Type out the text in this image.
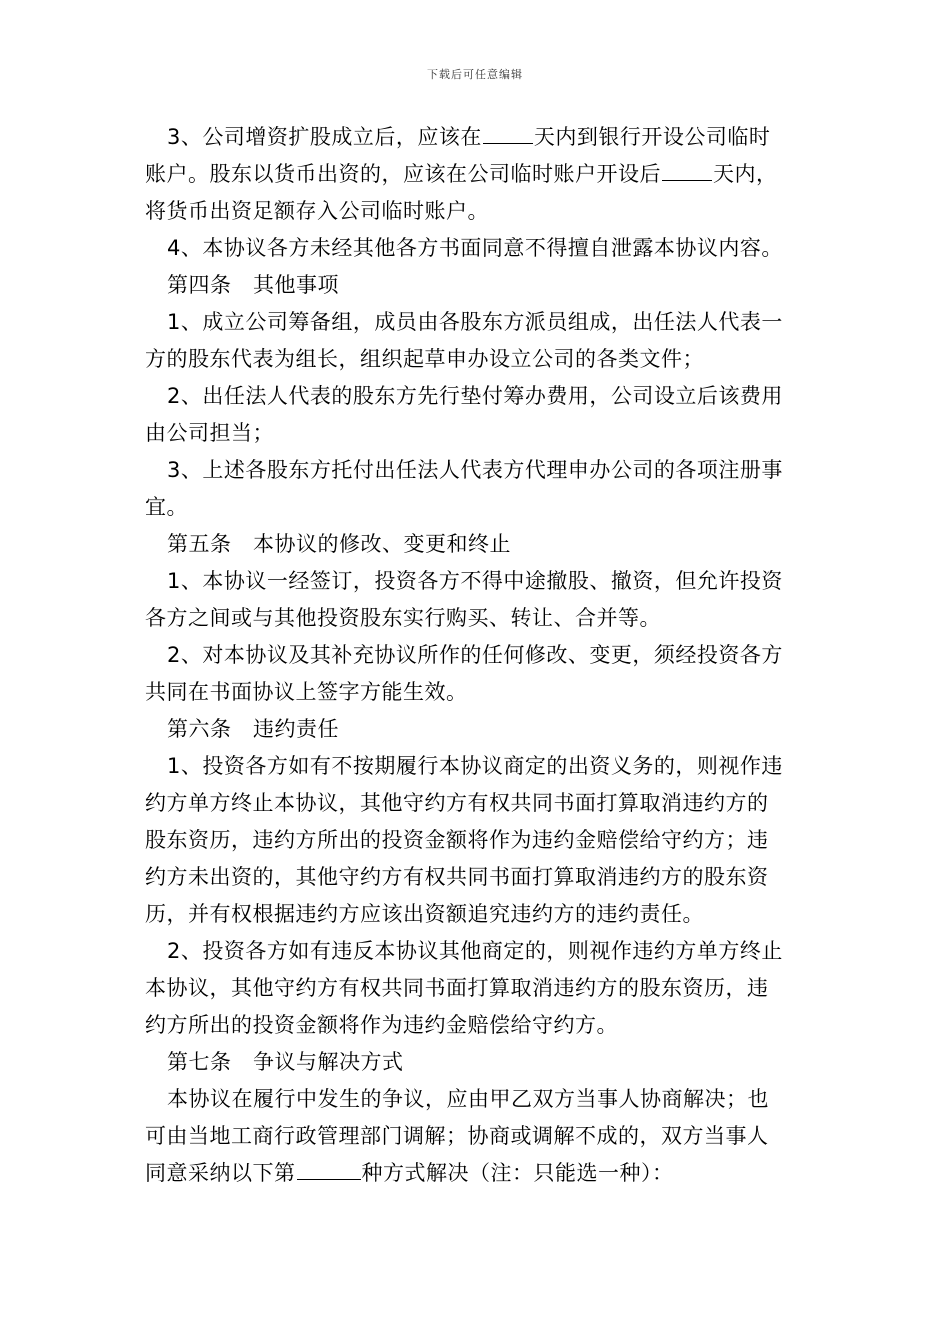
下载后可任意编辑
3、公司增资扩股成立后，应该在 天内到银行开设公司临时
账户。股东以货币出资的，应该在公司临时账户开设后 天内，
将货币出资足额存入公司临时账户。
4、本协议各方未经其他各方书面同意不得擅自泄露本协议内容。
第四条　其他事项
1、成立公司筹备组，成员由各股东方派员组成，出任法人代表一
方的股东代表为组长，组织起草申办设立公司的各类文件；
2、出任法人代表的股东方先行垫付筹办费用，公司设立后该费用
由公司担当；
3、上述各股东方托付出任法人代表方代理申办公司的各项注册事
宜。
第五条　本协议的修改、变更和终止
1、本协议一经签订，投资各方不得中途撤股、撤资，但允许投资
各方之间或与其他投资股东实行购买、转让、合并等。
2、对本协议及其补充协议所作的任何修改、变更，须经投资各方
共同在书面协议上签字方能生效。
第六条　违约责任
1、投资各方如有不按期履行本协议商定的出资义务的，则视作违
约方单方终止本协议，其他守约方有权共同书面打算取消违约方的
股东资历，违约方所出的投资金额将作为违约金赔偿给守约方；违
约方未出资的，其他守约方有权共同书面打算取消违约方的股东资
历，并有权根据违约方应该出资额追究违约方的违约责任。
2、投资各方如有违反本协议其他商定的，则视作违约方单方终止
本协议，其他守约方有权共同书面打算取消违约方的股东资历，违
约方所出的投资金额将作为违约金赔偿给守约方。
第七条　争议与解决方式
本协议在履行中发生的争议，应由甲乙双方当事人协商解决；也
可由当地工商行政管理部门调解；协商或调解不成的，双方当事人
同意采纳以下第	种方式解决（注：只能选一种）：
